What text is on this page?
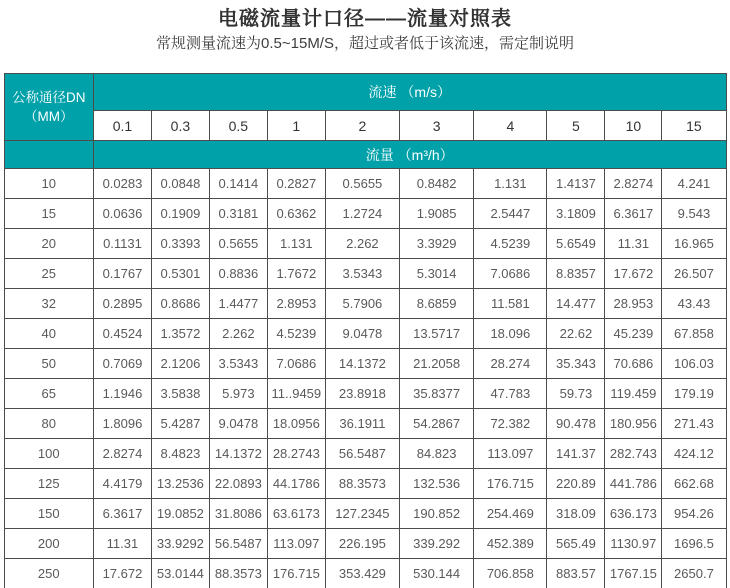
电磁流量计口径——流量对照表
常规测量流速为0.5~15M/S，超过或者低于该流速，需定制说明
公称通径DN
（MM）	流速 （m/s）									
	0.1	0.3	0.5	1	2	3	4	5	10	15
	流量 （m³/h）									
10	0.0283	0.0848	0.1414	0.2827	0.5655	0.8482	1.131	1.4137	2.8274	4.241
15	0.0636	0.1909	0.3181	0.6362	1.2724	1.9085	2.5447	3.1809	6.3617	9.543
20	0.1131	0.3393	0.5655	1.131	2.262	3.3929	4.5239	5.6549	11.31	16.965
25	0.1767	0.5301	0.8836	1.7672	3.5343	5.3014	7.0686	8.8357	17.672	26.507
32	0.2895	0.8686	1.4477	2.8953	5.7906	8.6859	11.581	14.477	28.953	43.43
40	0.4524	1.3572	2.262	4.5239	9.0478	13.5717	18.096	22.62	45.239	67.858
50	0.7069	2.1206	3.5343	7.0686	14.1372	21.2058	28.274	35.343	70.686	106.03
65	1.1946	3.5838	5.973	11..9459	23.8918	35.8377	47.783	59.73	119.459	179.19
80	1.8096	5.4287	9.0478	18.0956	36.1911	54.2867	72.382	90.478	180.956	271.43
100	2.8274	8.4823	14.1372	28.2743	56.5487	84.823	113.097	141.37	282.743	424.12
125	4.4179	13.2536	22.0893	44.1786	88.3573	132.536	176.715	220.89	441.786	662.68
150	6.3617	19.0852	31.8086	63.6173	127.2345	190.852	254.469	318.09	636.173	954.26
200	11.31	33.9292	56.5487	113.097	226.195	339.292	452.389	565.49	1130.97	1696.5
250	17.672	53.0144	88.3573	176.715	353.429	530.144	706.858	883.57	1767.15	2650.7
